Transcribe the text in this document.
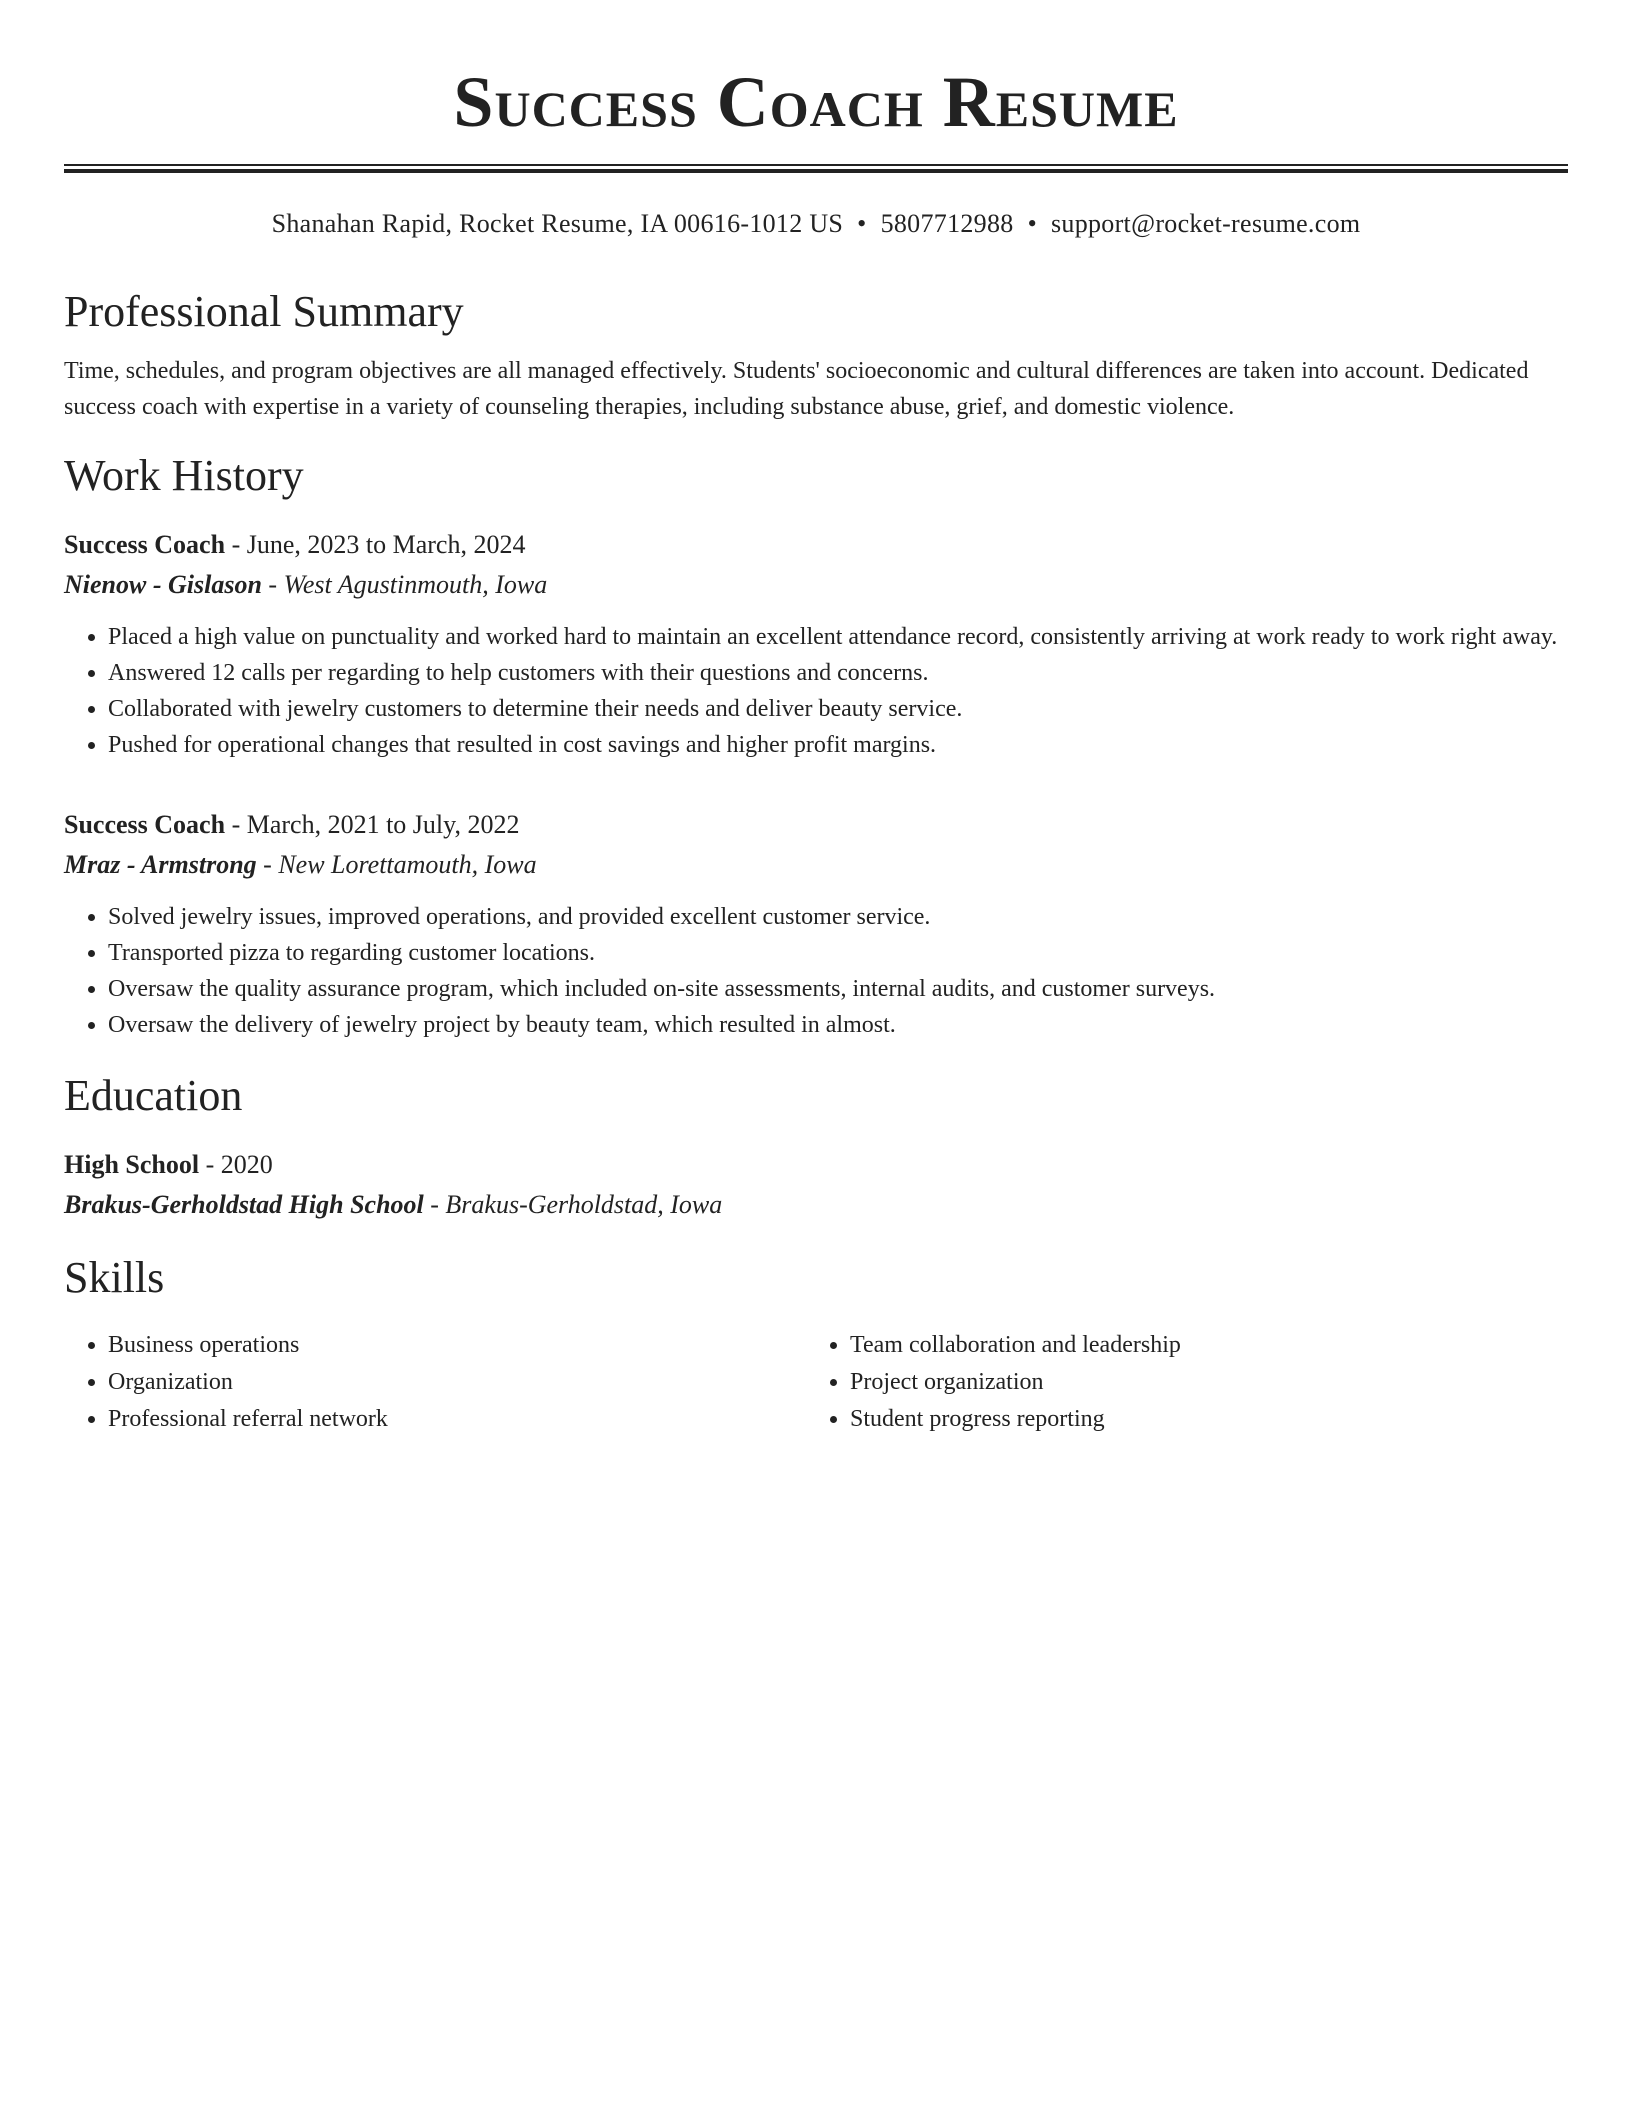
Success Coach Resume
Shanahan Rapid, Rocket Resume, IA 00616-1012 US • 5807712988 • support@rocket-resume.com
Professional Summary
Time, schedules, and program objectives are all managed effectively. Students' socioeconomic and cultural differences are taken into account. Dedicated success coach with expertise in a variety of counseling therapies, including substance abuse, grief, and domestic violence.
Work History
Success Coach - June, 2023 to March, 2024
Nienow - Gislason - West Agustinmouth, Iowa
• Placed a high value on punctuality and worked hard to maintain an excellent attendance record, consistently arriving at work ready to work right away.
• Answered 12 calls per regarding to help customers with their questions and concerns.
• Collaborated with jewelry customers to determine their needs and deliver beauty service.
• Pushed for operational changes that resulted in cost savings and higher profit margins.
Success Coach - March, 2021 to July, 2022
Mraz - Armstrong - New Lorettamouth, Iowa
• Solved jewelry issues, improved operations, and provided excellent customer service.
• Transported pizza to regarding customer locations.
• Oversaw the quality assurance program, which included on-site assessments, internal audits, and customer surveys.
• Oversaw the delivery of jewelry project by beauty team, which resulted in almost.
Education
High School - 2020
Brakus-Gerholdstad High School - Brakus-Gerholdstad, Iowa
Skills
• Business operations
• Organization
• Professional referral network
• Team collaboration and leadership
• Project organization
• Student progress reporting
